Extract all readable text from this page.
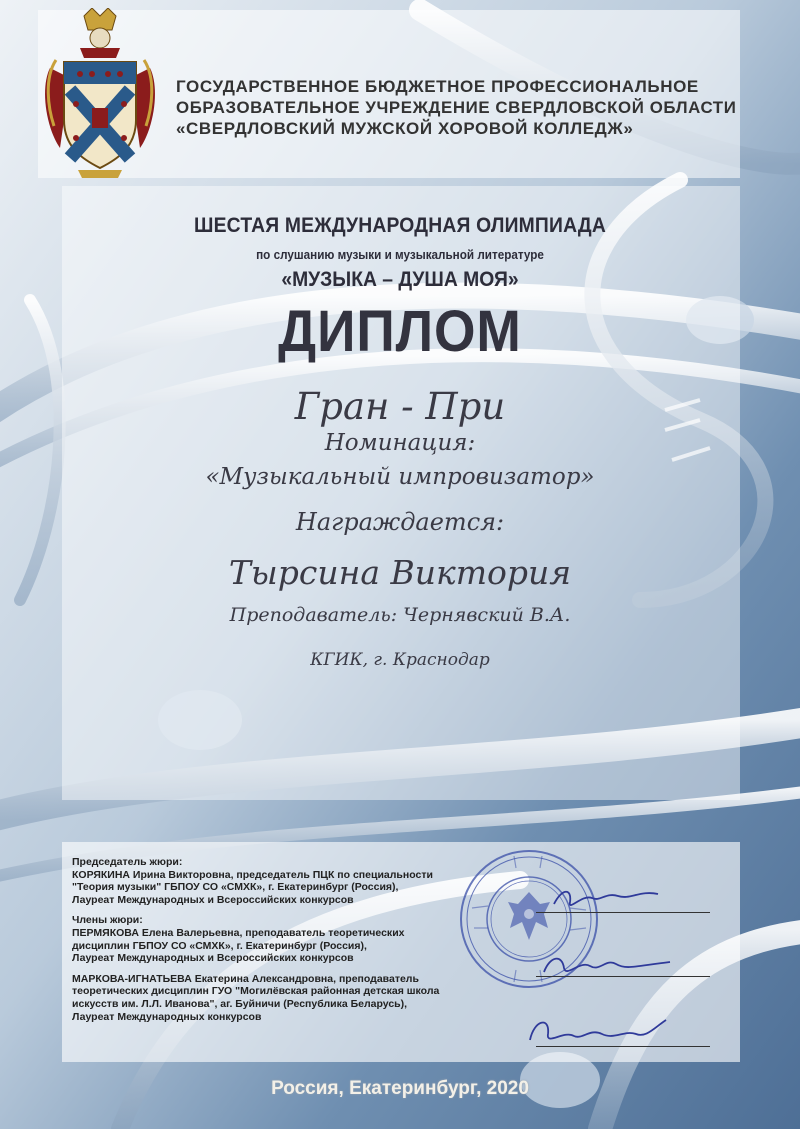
ГОСУДАРСТВЕННОЕ БЮДЖЕТНОЕ ПРОФЕССИОНАЛЬНОЕ
ОБРАЗОВАТЕЛЬНОЕ УЧРЕЖДЕНИЕ СВЕРДЛОВСКОЙ ОБЛАСТИ
«СВЕРДЛОВСКИЙ МУЖСКОЙ ХОРОВОЙ КОЛЛЕДЖ»
ШЕСТАЯ МЕЖДУНАРОДНАЯ ОЛИМПИАДА
по слушанию музыки и музыкальной литературе
«МУЗЫКА – ДУША МОЯ»
ДИПЛОМ
Гран - При
Номинация:
«Музыкальный импровизатор»
Награждается:
Тырсина Виктория
Преподаватель: Чернявский В.А.
КГИК, г. Краснодар
Председатель жюри:
КОРЯКИНА Ирина Викторовна, председатель ПЦК по специальности
"Теория музыки" ГБПОУ СО «СМХК», г. Екатеринбург (Россия),
Лауреат Международных и Всероссийских конкурсов
Члены жюри:
ПЕРМЯКОВА Елена Валерьевна, преподаватель теоретических
дисциплин ГБПОУ СО «СМХК», г. Екатеринбург (Россия),
Лауреат Международных и Всероссийских конкурсов
МАРКОВА-ИГНАТЬЕВА Екатерина Александровна, преподаватель
теоретических дисциплин ГУО "Могилёвская районная детская школа
искусств им. Л.Л. Иванова", аг. Буйничи (Республика Беларусь),
Лауреат Международных конкурсов
Россия, Екатеринбург, 2020
